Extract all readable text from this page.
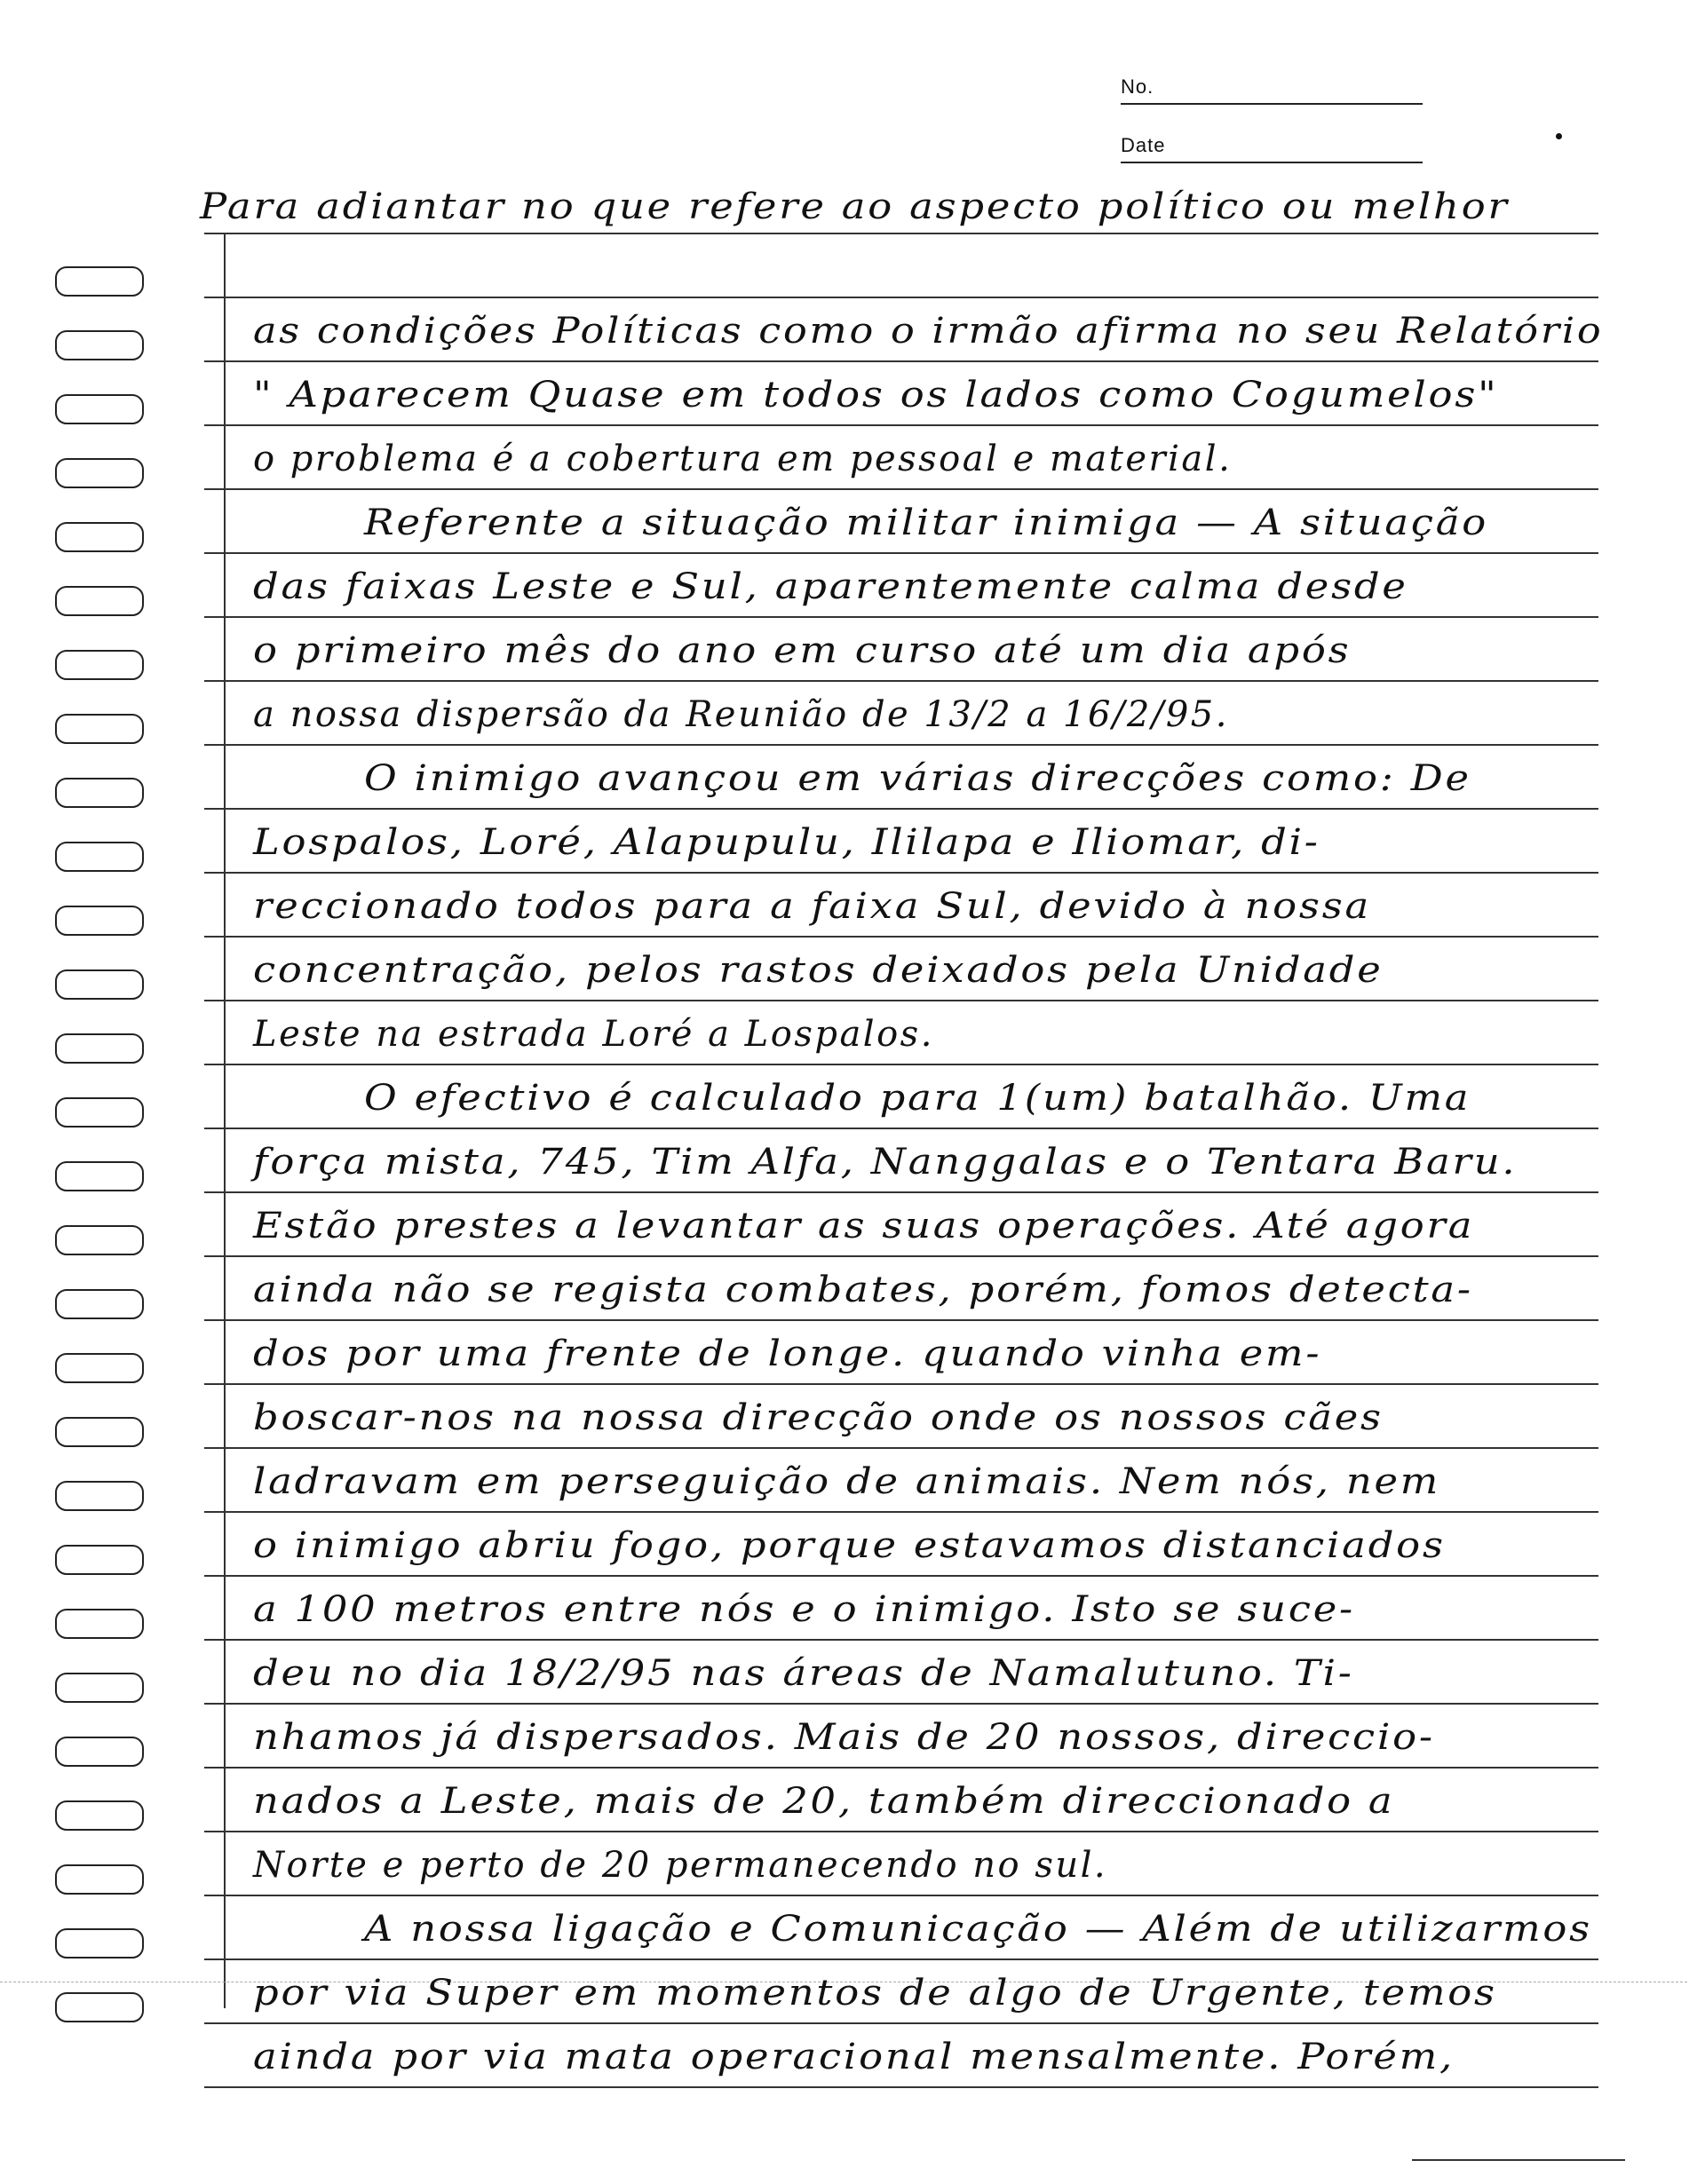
No.
Date
Para adiantar no que refere ao aspecto político ou melhor
as condições Políticas como o irmão afirma no seu Relatório
" Aparecem Quase em todos os lados como Cogumelos"
o problema é a cobertura em pessoal e material.
Referente a situação militar inimiga — A situação
das faixas Leste e Sul, aparentemente calma desde
o primeiro mês do ano em curso até um dia após
a nossa dispersão da Reunião de 13/2 a 16/2/95.
O inimigo avançou em várias direcções como: De
Lospalos, Loré, Alapupulu, Ililapa e Iliomar, di-
reccionado todos para a faixa Sul, devido à nossa
concentração, pelos rastos deixados pela Unidade
Leste na estrada Loré a Lospalos.
O efectivo é calculado para 1(um) batalhão. Uma
força mista, 745, Tim Alfa, Nanggalas e o Tentara Baru.
Estão prestes a levantar as suas operações. Até agora
ainda não se regista combates, porém, fomos detecta-
dos por uma frente de longe. quando vinha em-
boscar-nos na nossa direcção onde os nossos cães
ladravam em perseguição de animais. Nem nós, nem
o inimigo abriu fogo, porque estavamos distanciados
a 100 metros entre nós e o inimigo. Isto se suce-
deu no dia 18/2/95 nas áreas de Namalutuno. Ti-
nhamos já dispersados. Mais de 20 nossos, direccio-
nados a Leste, mais de 20, também direccionado a
Norte e perto de 20 permanecendo no sul.
A nossa ligação e Comunicação — Além de utilizarmos
por via Super em momentos de algo de Urgente, temos
ainda por via mata operacional mensalmente. Porém,
